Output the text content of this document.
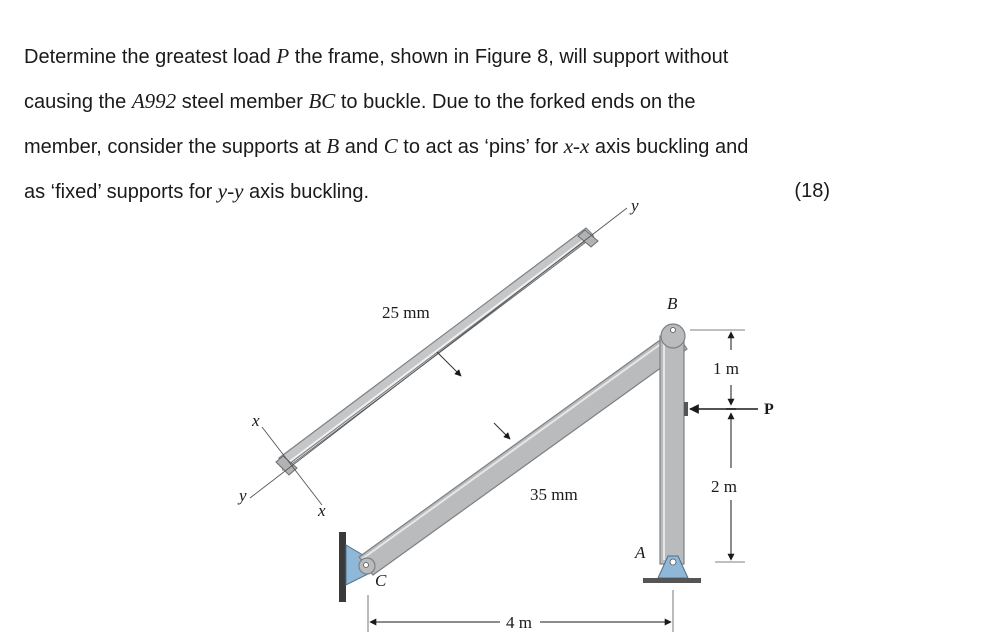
Determine the greatest load P the frame, shown in Figure 8, will support without
causing the A992 steel member BC to buckle. Due to the forked ends on the
member, consider the supports at B and C to act as ‘pins’ for x-x axis buckling and
as ‘fixed’ supports for y-y axis buckling.	(18)
25 mm
y
y
x
x
P
35 mm
1 m
2 m
4 m
B
A
C
